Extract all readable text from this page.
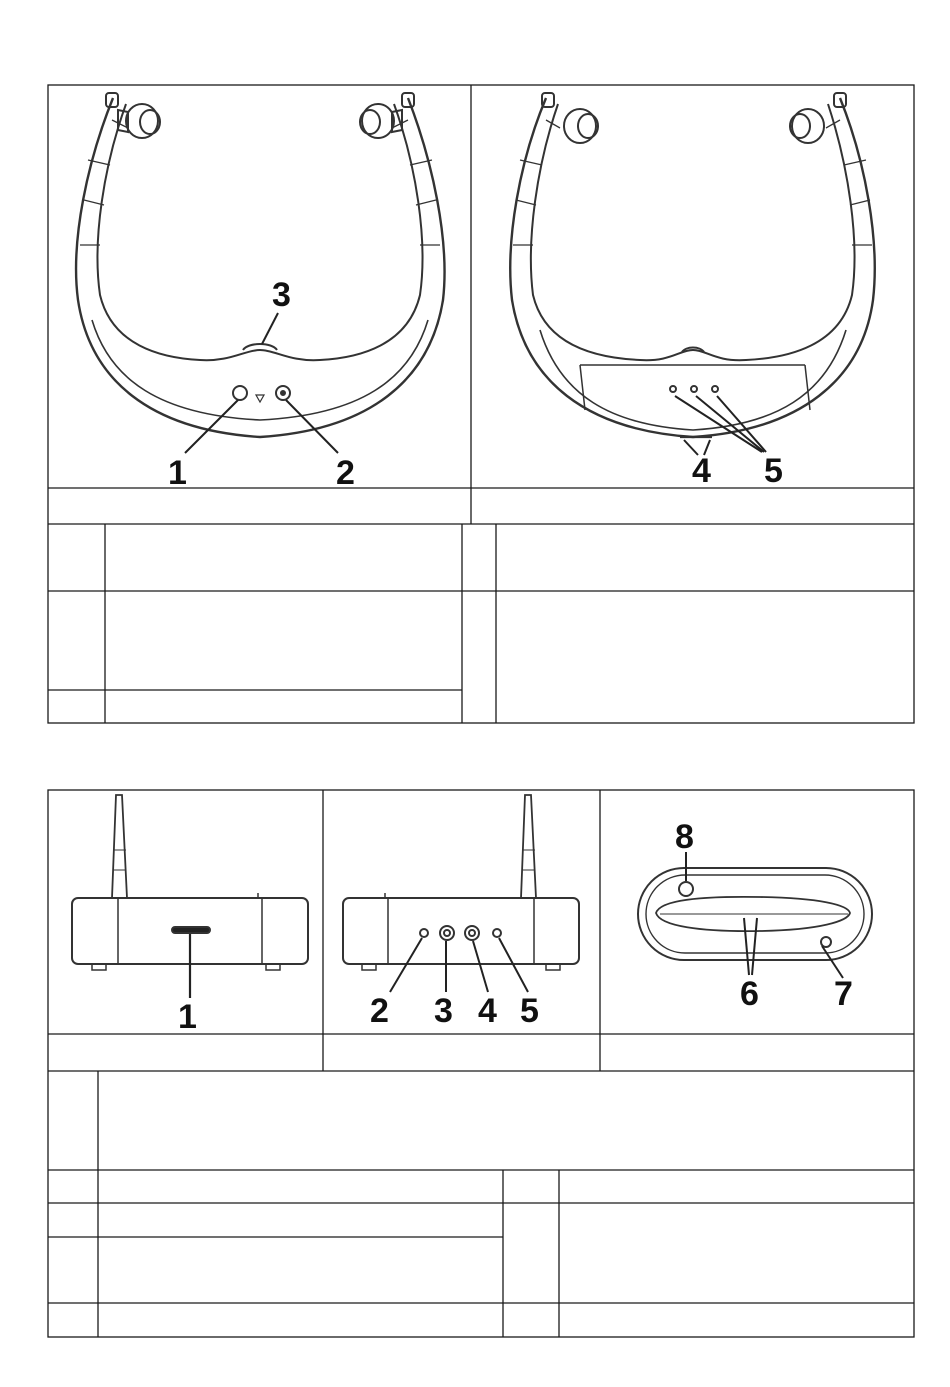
1	2
3
4 5
1	2 3 4 5
8
6 7
